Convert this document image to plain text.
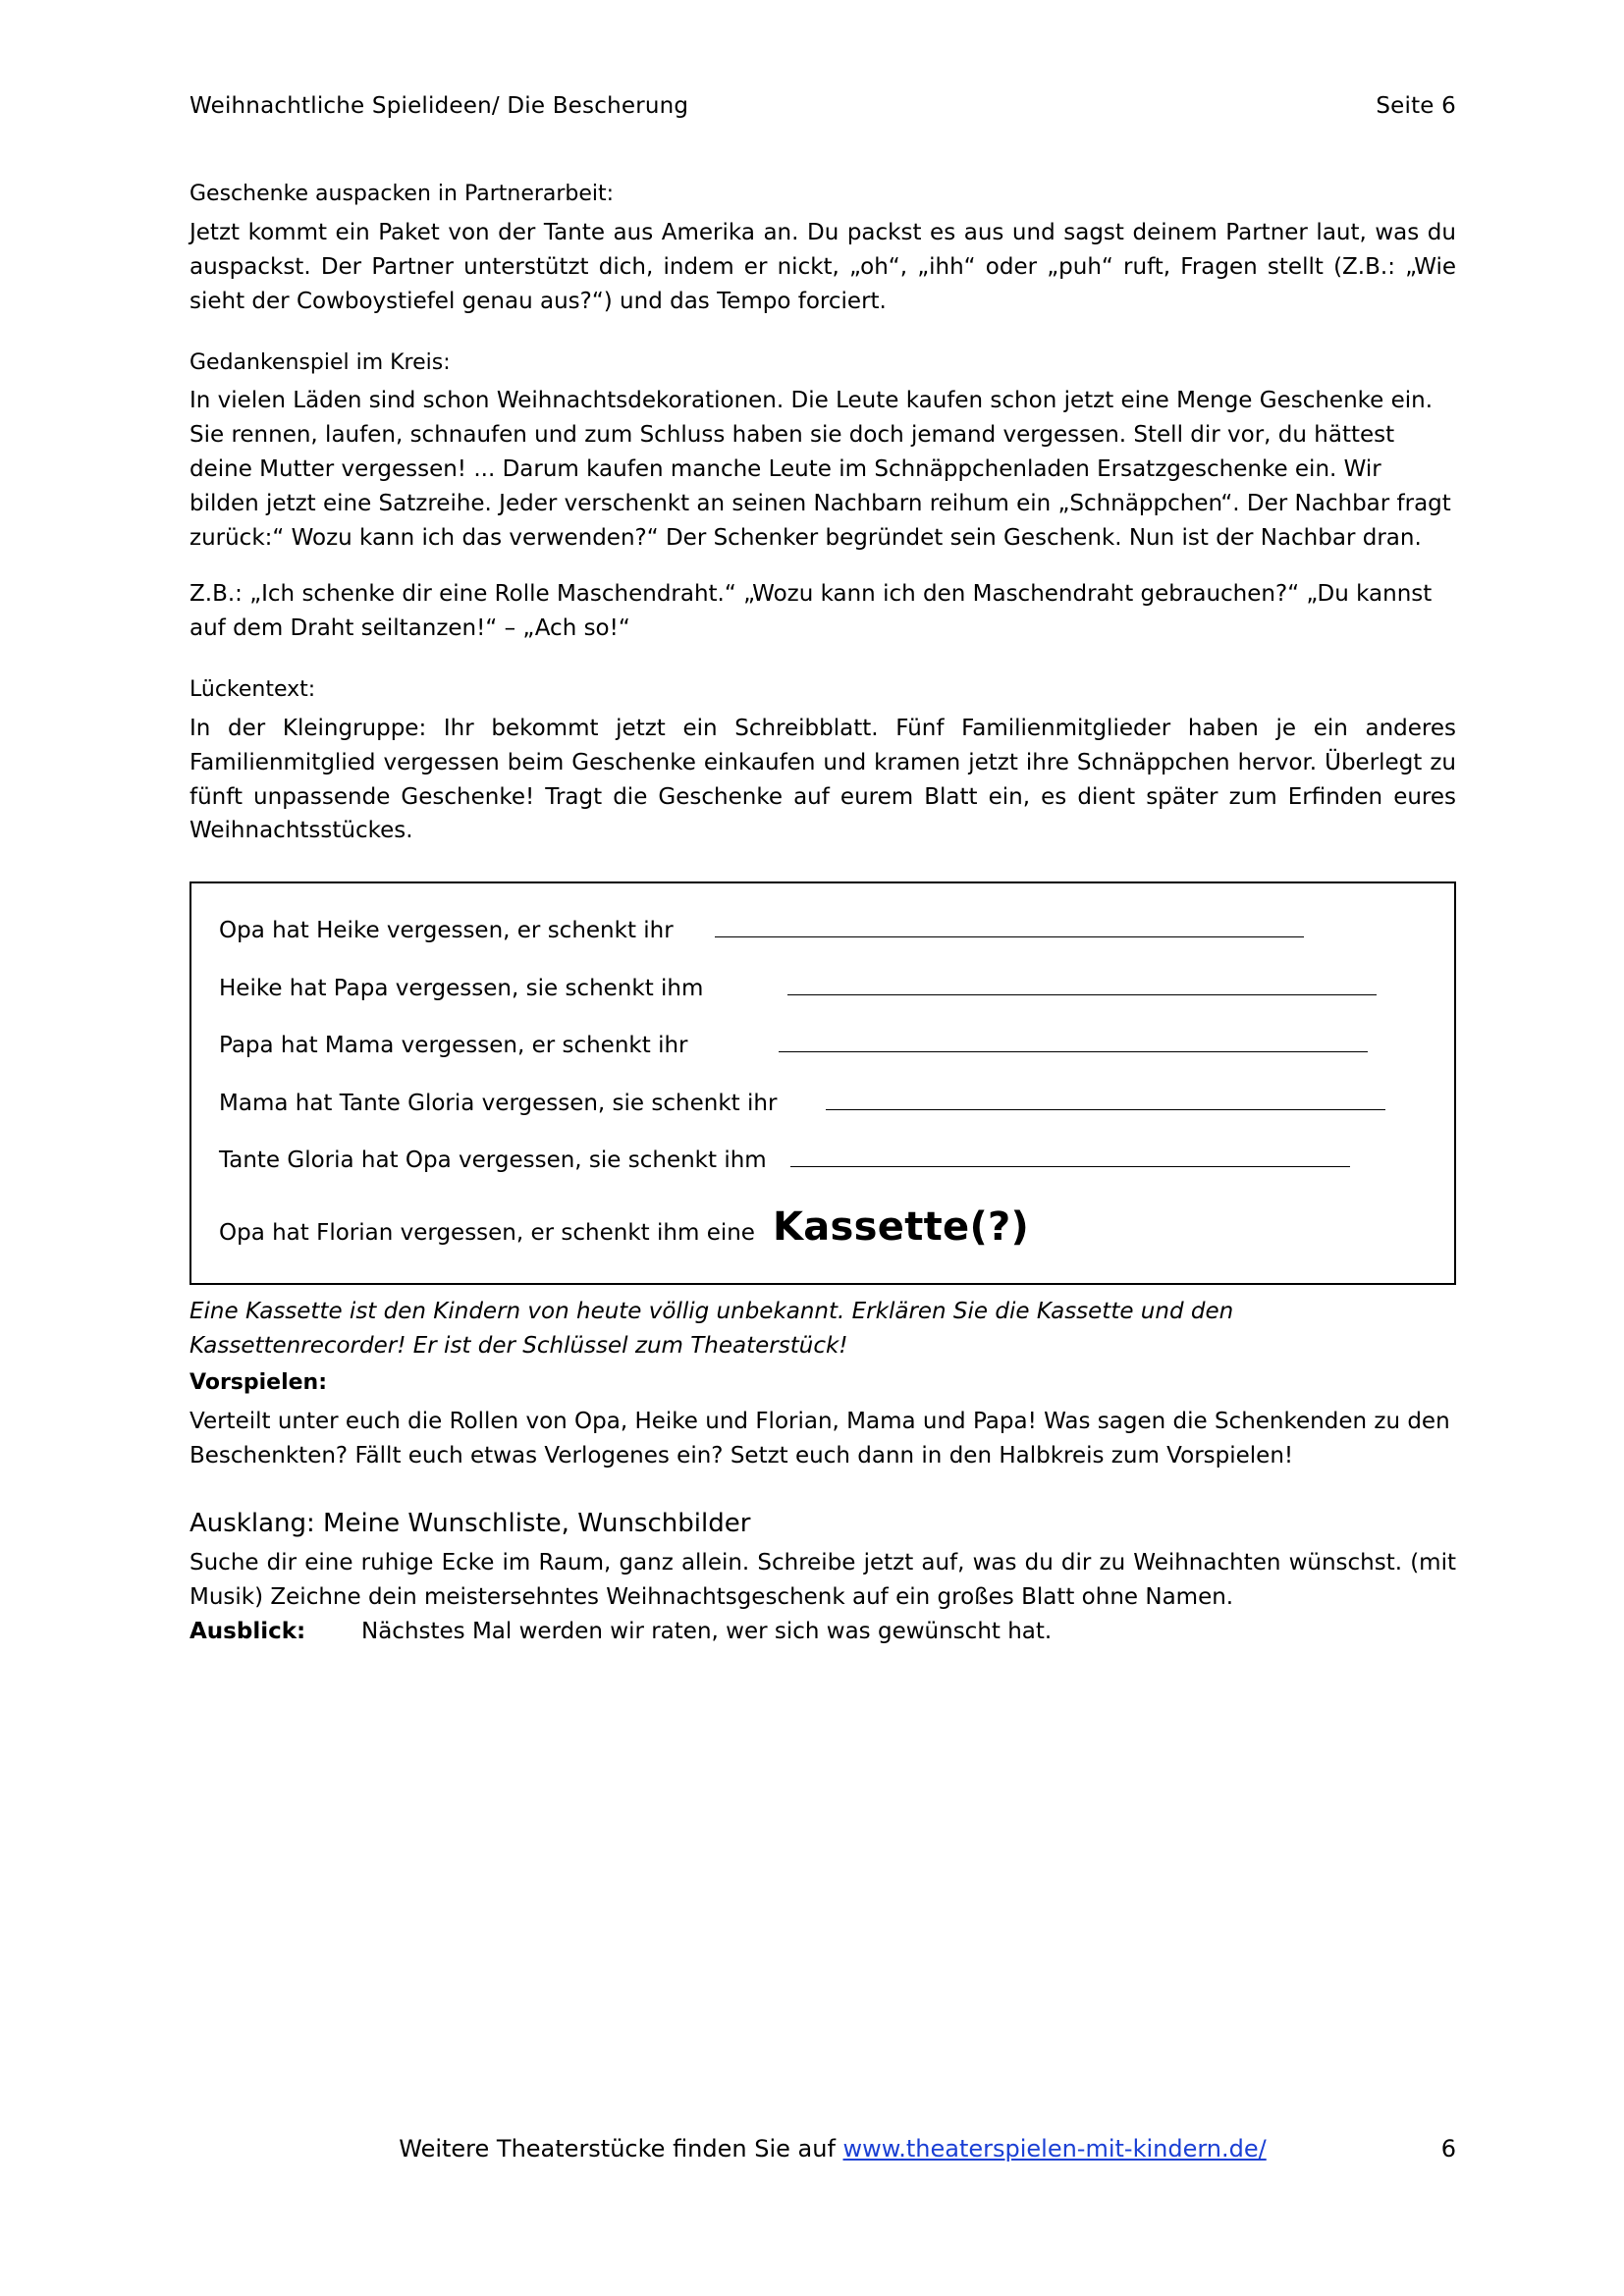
Weihnachtliche Spielideen/ Die Bescherung	Seite 6
Geschenke auspacken in Partnerarbeit:

Jetzt kommt ein Paket von der Tante aus Amerika an. Du packst es aus und sagst deinem Partner laut, was du auspackst. Der Partner unterstützt dich, indem er nickt, „oh“, „ihh“ oder „puh“ ruft, Fragen stellt (Z.B.: „Wie sieht der Cowboystiefel genau aus?“) und das Tempo forciert.

Gedankenspiel im Kreis:

In vielen Läden sind schon Weihnachtsdekorationen. Die Leute kaufen schon jetzt eine Menge Geschenke ein. Sie rennen, laufen, schnaufen und zum Schluss haben sie doch jemand vergessen. Stell dir vor, du hättest deine Mutter vergessen! ... Darum kaufen manche Leute im Schnäppchenladen Ersatzgeschenke ein. Wir bilden jetzt eine Satzreihe. Jeder verschenkt an seinen Nachbarn reihum ein „Schnäppchen“. Der Nachbar fragt zurück:“ Wozu kann ich das verwenden?“ Der Schenker begründet sein Geschenk. Nun ist der Nachbar dran.

Z.B.: „Ich schenke dir eine Rolle Maschendraht.“ „Wozu kann ich den Maschendraht gebrauchen?“ „Du kannst auf dem Draht seiltanzen!“ – „Ach so!“

Lückentext:

In der Kleingruppe: Ihr bekommt jetzt ein Schreibblatt. Fünf Familienmitglieder haben je ein anderes Familienmitglied vergessen beim Geschenke einkaufen und kramen jetzt ihre Schnäppchen hervor. Überlegt zu fünft unpassende Geschenke! Tragt die Geschenke auf eurem Blatt ein, es dient später zum Erfinden eures Weihnachtsstückes.

Opa hat Heike vergessen, er schenkt ihr
Heike hat Papa vergessen, sie schenkt ihm
Papa hat Mama vergessen, er schenkt ihr
Mama hat Tante Gloria vergessen, sie schenkt ihr
Tante Gloria hat Opa vergessen, sie schenkt ihm
Opa hat Florian vergessen, er schenkt ihm eine Kassette(?)

Eine Kassette ist den Kindern von heute völlig unbekannt. Erklären Sie die Kassette und den Kassettenrecorder! Er ist der Schlüssel zum Theaterstück!

Vorspielen:

Verteilt unter euch die Rollen von Opa, Heike und Florian, Mama und Papa! Was sagen die Schenkenden zu den Beschenkten? Fällt euch etwas Verlogenes ein? Setzt euch dann in den Halbkreis zum Vorspielen!

Ausklang: Meine Wunschliste, Wunschbilder

Suche dir eine ruhige Ecke im Raum, ganz allein. Schreibe jetzt auf, was du dir zu Weihnachten wünschst. (mit Musik) Zeichne dein meistersehntes Weihnachtsgeschenk auf ein großes Blatt ohne Namen.

Ausblick:	Nächstes Mal werden wir raten, wer sich was gewünscht hat.
Weitere Theaterstücke finden Sie auf www.theaterspielen-mit-kindern.de/	6
